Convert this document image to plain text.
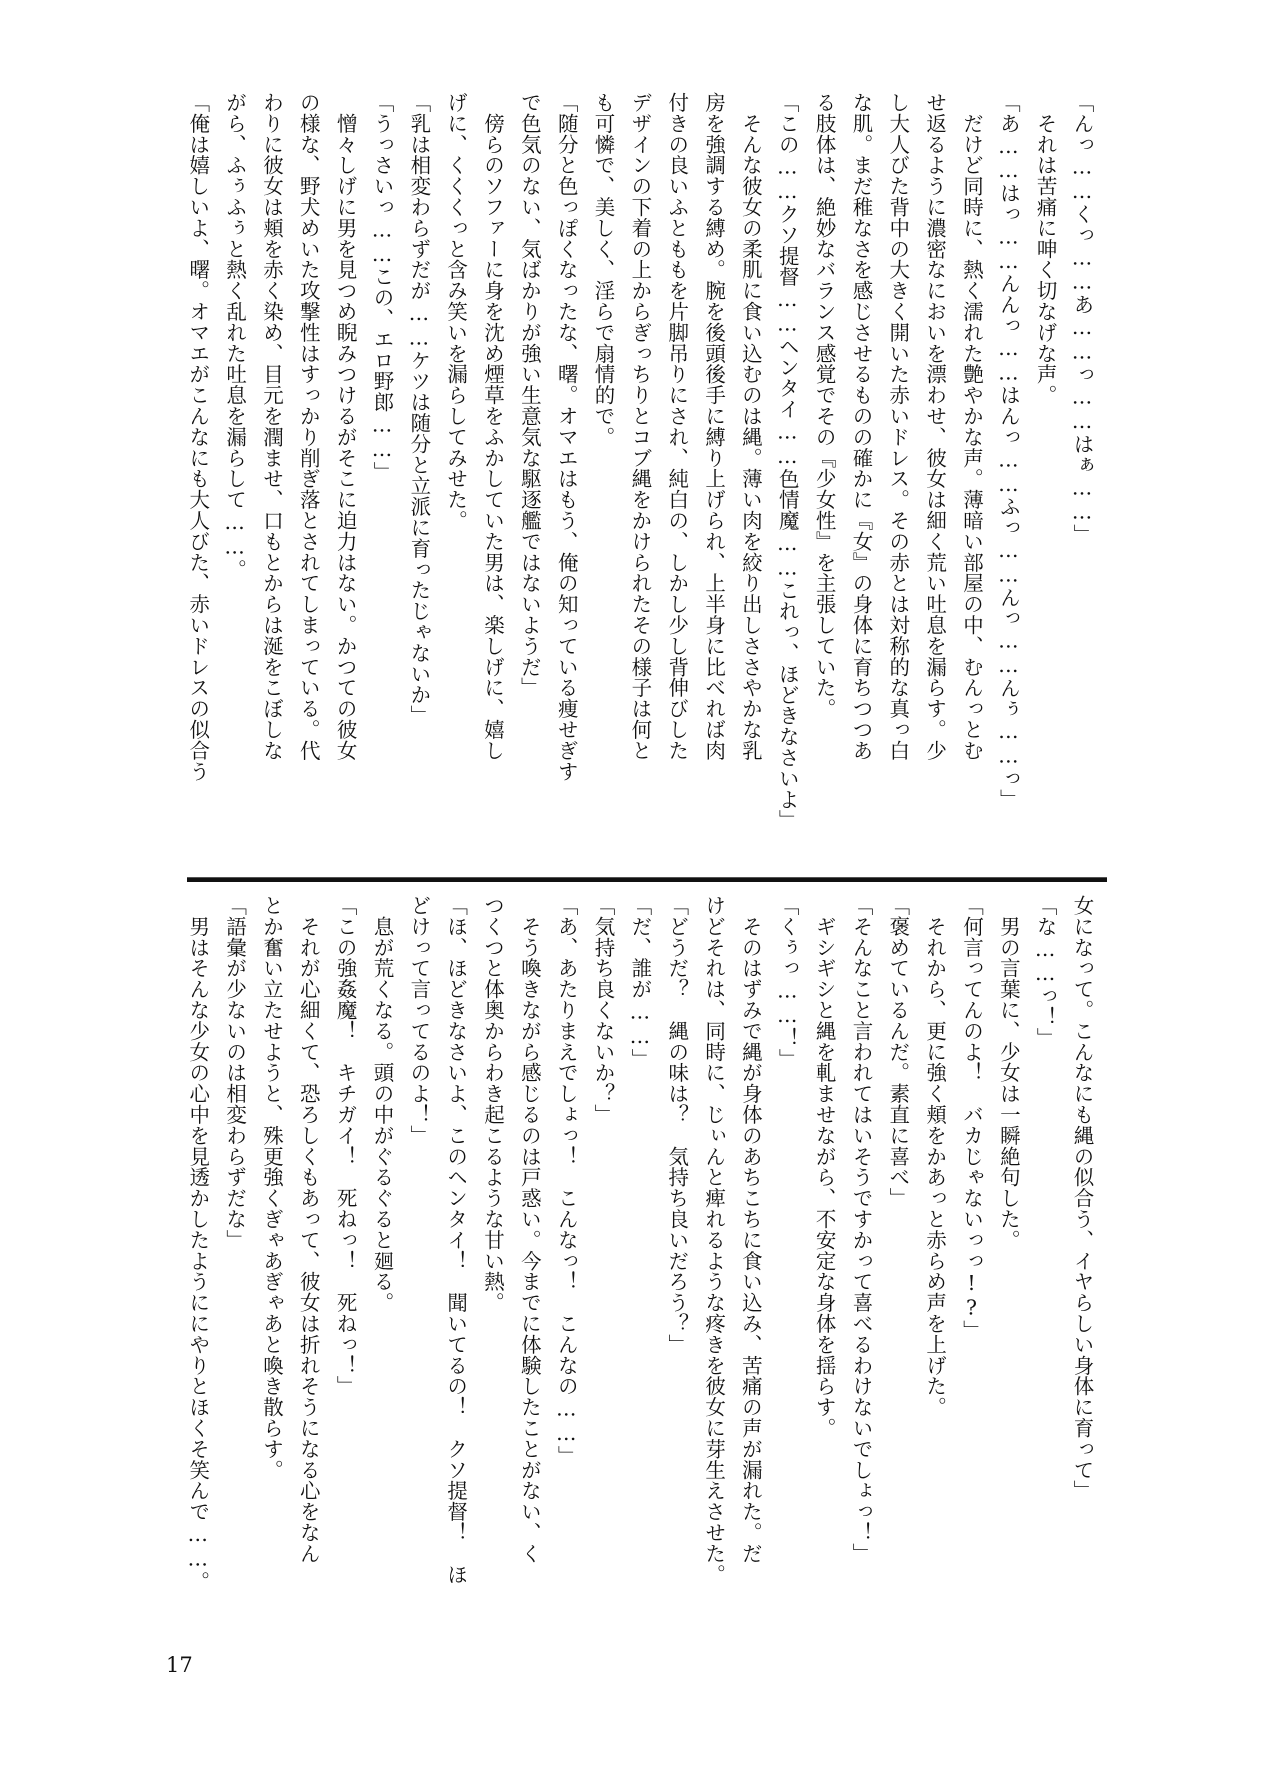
「んっ……くっ……あ……っ……はぁ……」
　それは苦痛に呻く切なげな声。
「あ……はっ……んんっ……はんっ……ふっ……んっ……んぅ……っ」
　だけど同時に、熱く濡れた艶やかな声。薄暗い部屋の中、むんっとむ
せ返るように濃密なにおいを漂わせ、彼女は細く荒い吐息を漏らす。少
し大人びた背中の大きく開いた赤いドレス。その赤とは対称的な真っ白
な肌。まだ稚なさを感じさせるものの確かに『女』の身体に育ちつつあ
る肢体は、絶妙なバランス感覚でその『少女性』を主張していた。
「この……クソ提督……ヘンタイ……色情魔……これっ、ほどきなさいよ」
　そんな彼女の柔肌に食い込むのは縄。薄い肉を絞り出しささやかな乳
房を強調する縛め。腕を後頭後手に縛り上げられ、上半身に比べれば肉
付きの良いふとももを片脚吊りにされ、純白の、しかし少し背伸びした
デザインの下着の上からぎっちりとコブ縄をかけられたその様子は何と
も可憐で、美しく、淫らで扇情的で。
「随分と色っぽくなったな、曙。オマエはもう、俺の知っている痩せぎす
で色気のない、気ばかりが強い生意気な駆逐艦ではないようだ」
　傍らのソファーに身を沈め煙草をふかしていた男は、楽しげに、嬉し
げに、くくくっと含み笑いを漏らしてみせた。
「乳は相変わらずだが……ケツは随分と立派に育ったじゃないか」
「うっさいっ……この、エロ野郎……」
　憎々しげに男を見つめ睨みつけるがそこに迫力はない。かつての彼女
の様な、野犬めいた攻撃性はすっかり削ぎ落とされてしまっている。代
わりに彼女は頬を赤く染め、目元を潤ませ、口もとからは涎をこぼしな
がら、ふぅふぅと熱く乱れた吐息を漏らして……。
「俺は嬉しいよ、曙。オマエがこんなにも大人びた、赤いドレスの似合う
女になって。こんなにも縄の似合う、イヤらしい身体に育って」
「な……っ！」
　男の言葉に、少女は一瞬絶句した。
「何言ってんのよ！　バカじゃないっっ!?」
　それから、更に強く頬をかあっと赤らめ声を上げた。
「褒めているんだ。素直に喜べ」
「そんなこと言われてはいそうですかって喜べるわけないでしょっ！」
　ギシギシと縄を軋ませながら、不安定な身体を揺らす。
「くぅっ……！」
　そのはずみで縄が身体のあちこちに食い込み、苦痛の声が漏れた。だ
けどそれは、同時に、じぃんと痺れるような疼きを彼女に芽生えさせた。
「どうだ？　縄の味は？　気持ち良いだろう？」
「だ、誰が……」
「気持ち良くないか？」
「あ、あたりまえでしょっ！　こんなっ！　こんなの……」
　そう喚きながら感じるのは戸惑い。今までに体験したことがない、く
つくつと体奥からわき起こるような甘い熱。
「ほ、ほどきなさいよ、このヘンタイ！　聞いてるの！　クソ提督！　ほ
どけって言ってるのよ！」
　息が荒くなる。頭の中がぐるぐると廻る。
「この強姦魔！　キチガイ！　死ねっ！　死ねっ！」
　それが心細くて、恐ろしくもあって、彼女は折れそうになる心をなん
とか奮い立たせようと、殊更強くぎゃあぎゃあと喚き散らす。
「語彙が少ないのは相変わらずだな」
　男はそんな少女の心中を見透かしたようににやりとほくそ笑んで……。
17
